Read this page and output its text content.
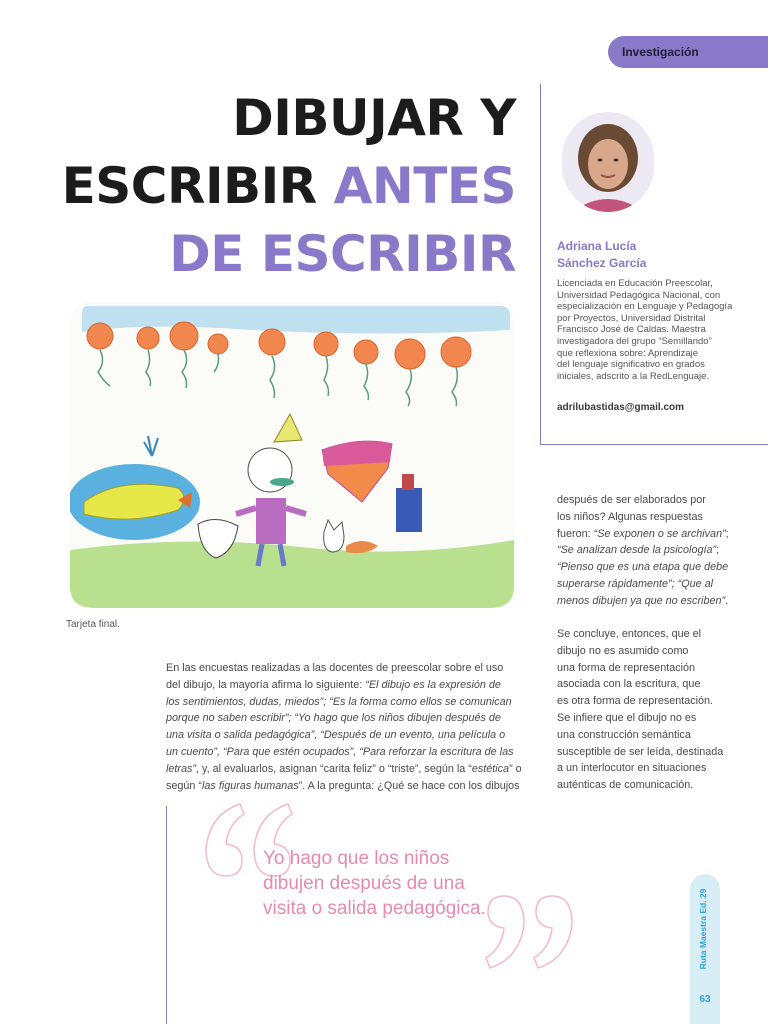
Investigación
DIBUJAR Y
ESCRIBIR ANTES
DE ESCRIBIR	Adriana Lucía
Sánchez García
Licenciada en Educación Preescolar,
Universidad Pedagógica Nacional, con
especialización en Lenguaje y Pedagogía
por Proyectos, Universidad Distrital
Francisco José de Caldas. Maestra
investigadora del grupo “Semillando”
que reflexiona sobre: Aprendizaje
del lenguaje significativo en grados
iniciales, adscrito a la RedLenguaje.
adrilubastidas@gmail.com
Tarjeta final.

En las encuestas realizadas a las docentes de preescolar sobre el uso

del dibujo, la mayoría afirma lo siguiente: “El dibujo es la expresión de

los sentimientos, dudas, miedos”; “Es la forma como ellos se comunican

porque no saben escribir”; “Yo hago que los niños dibujen después de

una visita o salida pedagógica”, “Después de un evento, una película o

un cuento”, “Para que estén ocupados”, “Para reforzar la escritura de las

letras”, y, al evaluarlos, asignan “carita feliz” o “triste”, según la “estética” o

según “las figuras humanas”. A la pregunta: ¿Qué se hace con los dibujos

después de ser elaborados por

los niños? Algunas respuestas

fueron: “Se exponen o se archivan”;

“Se analizan desde la psicología”;

“Pienso que es una etapa que debe

superarse rápidamente”; “Que al

menos dibujen ya que no escriben”.

Se concluye, entonces, que el

dibujo no es asumido como

una forma de representación

asociada con la escritura, que

es otra forma de representación.

Se infiere que el dibujo no es

una construcción semántica

susceptible de ser leída, destinada

a un interlocutor en situaciones

auténticas de comunicación.

Yo hago que los niños
dibujen después de una
visita o salida pedagógica.	Ruta Maestra Ed. 29
63
